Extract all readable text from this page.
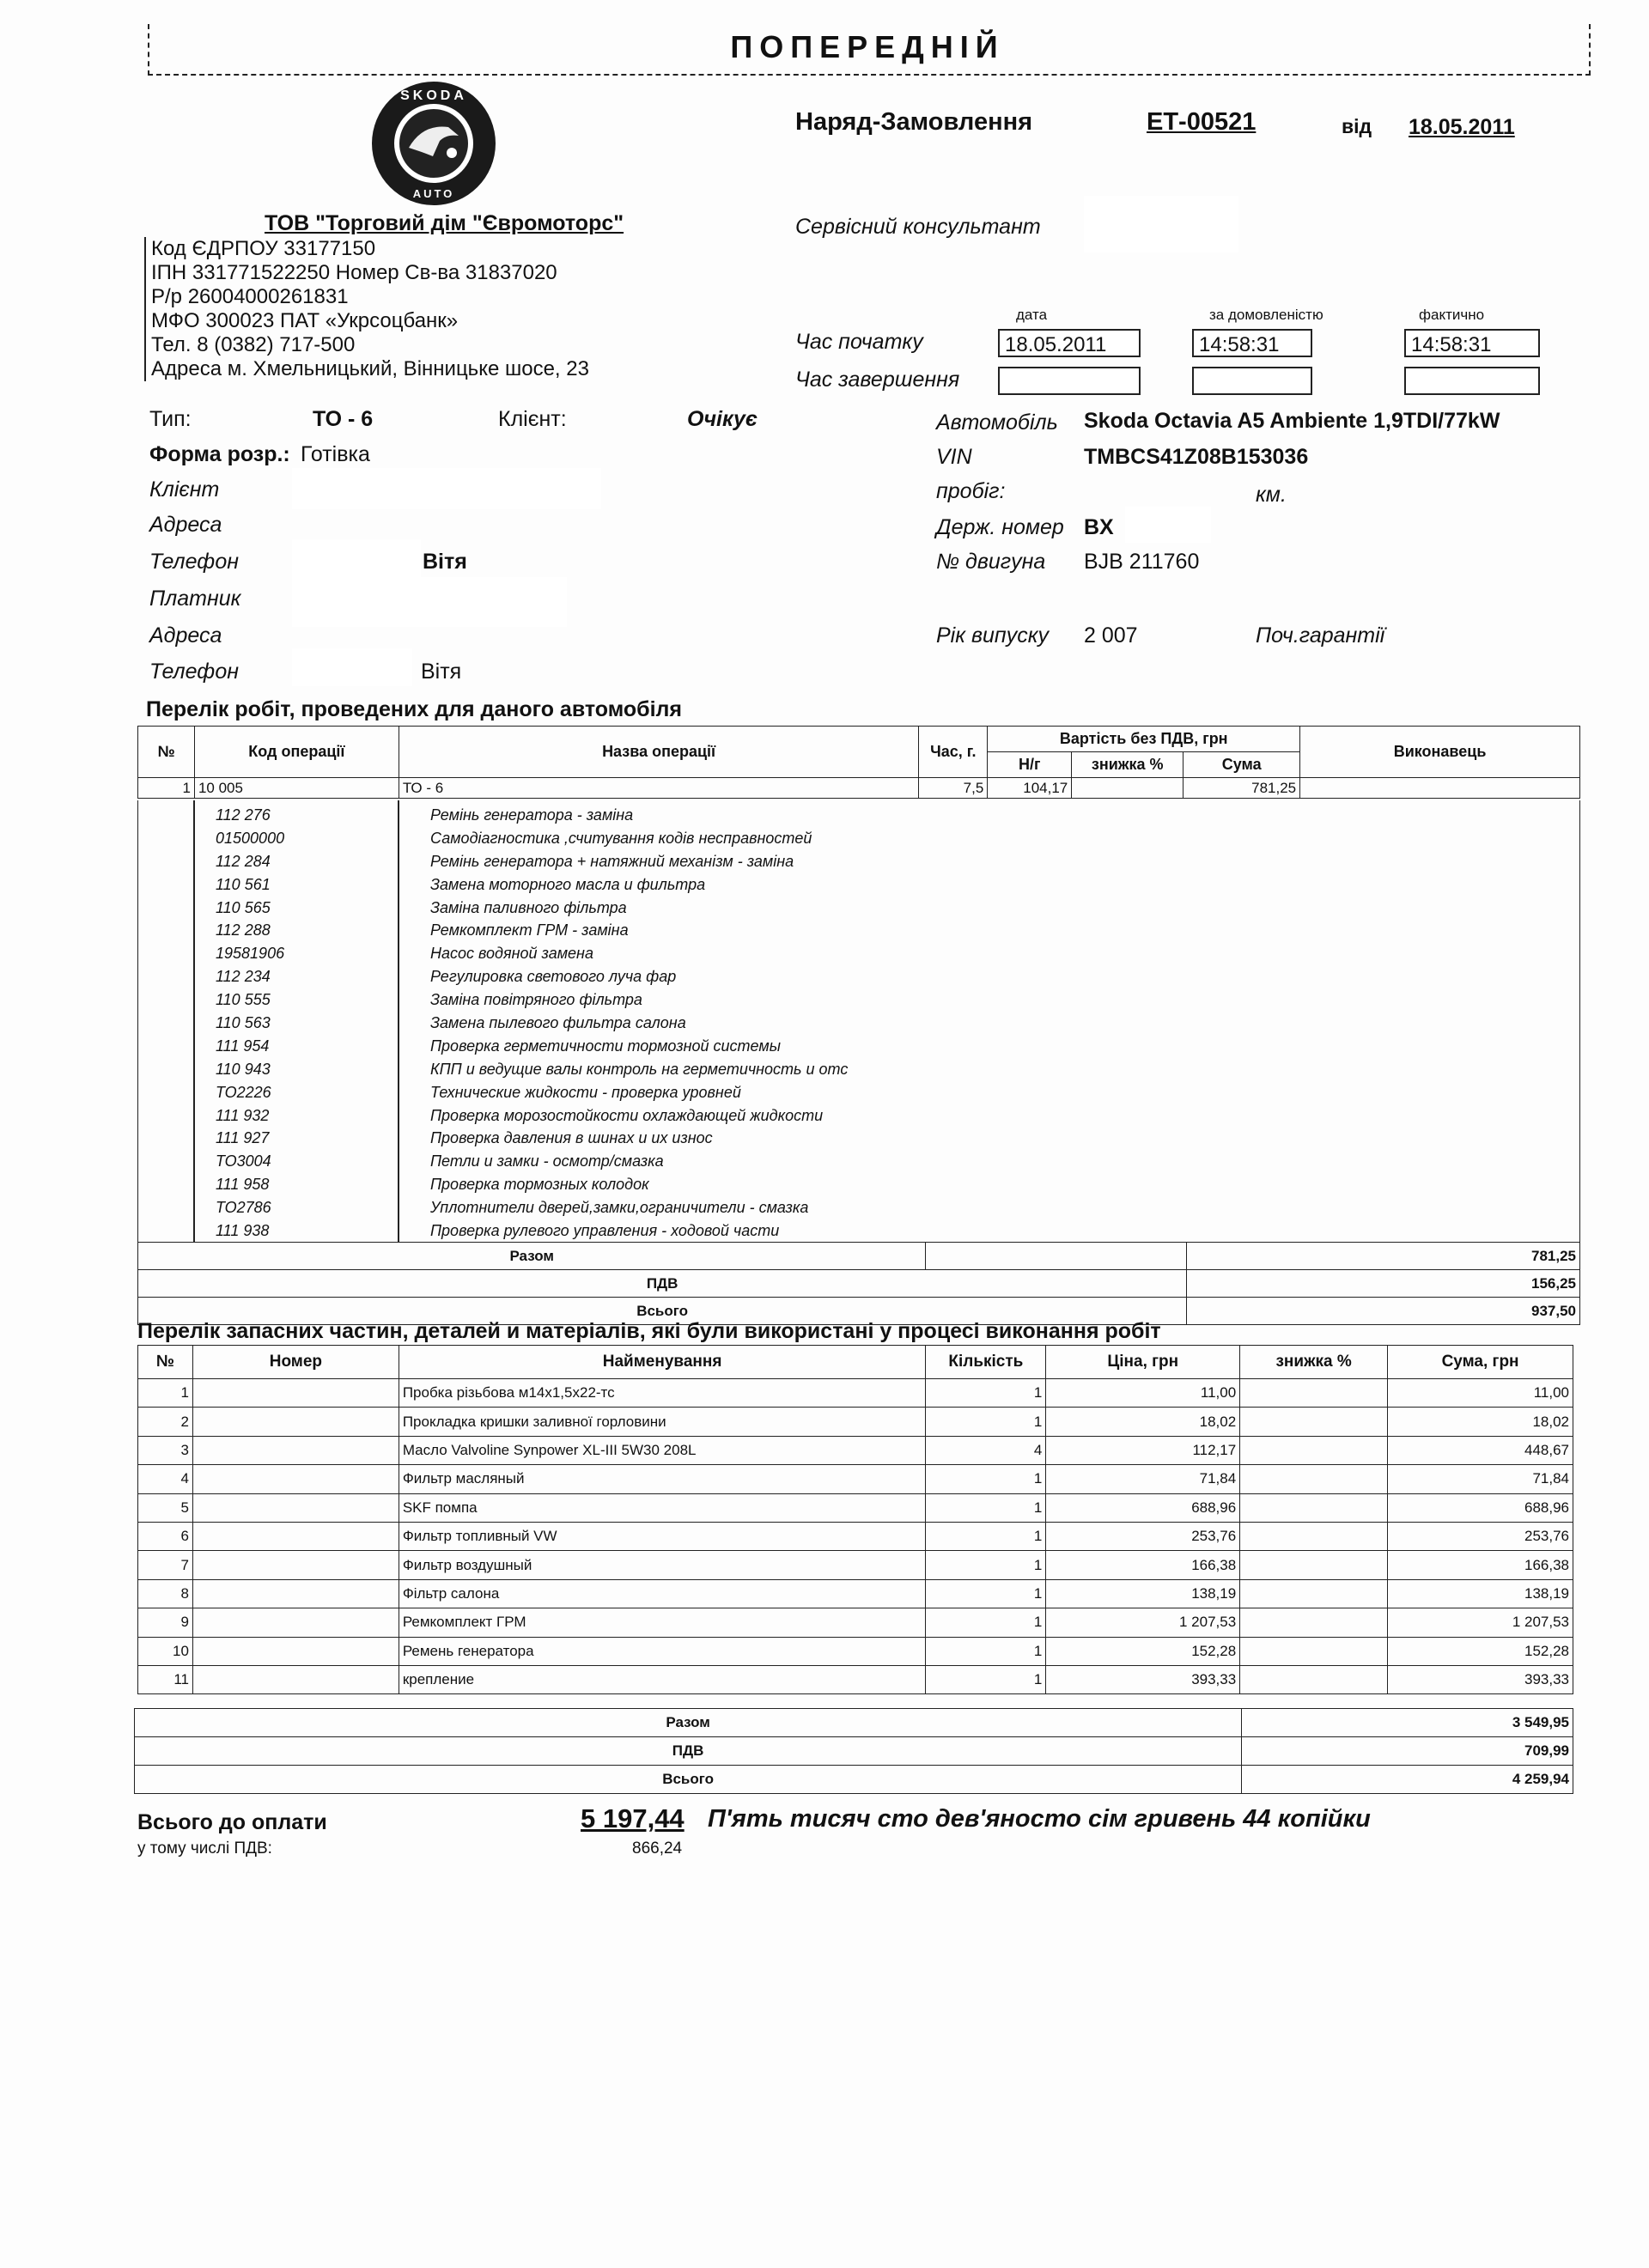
ПОПЕРЕДНІЙ
SKODA
AUTO
Наряд-Замовлення	ЕТ-00521	від 18.05.2011
ТОВ "Торговий дім "Євромоторс"
Код ЄДРПОУ 33177150
ІПН 331771522250 Номер Св-ва 31837020
Р/р 26004000261831
МФО 300023 ПАТ «Укрсоцбанк»
Тел. 8 (0382) 717-500
Адреса м. Хмельницький, Вінницьке шосе, 23
Сервісний консультант
дата	за домовленістю	фактично
Час початку	18.05.2011	14:58:31	14:58:31
Час завершення
Тип:	ТО - 6	Клієнт:	Очікує
Форма розр.: Готівка
Клієнт
Адреса
Телефон	Вітя
Платник
Адреса
Телефон	Вітя
Автомобіль Skoda Octavia A5 Ambiente 1,9TDI/77kW
VIN	TMBCS41Z08B153036
пробіг:	км.
Держ. номер BX
№ двигуна BJB 211760
Рік випуску 2 007	Поч.гарантії
Перелік робіт, проведених для даного автомобіля
№	Код операції	Назва операції	Час, г.	Вартість без ПДВ, грн			Виконавець
				Н/г	знижка %	Сума	
1	10 005	ТО - 6	7,5	104,17		781,25	
	112 276	Ремінь генератора - заміна
	01500000	Самодіагностика ,считування кодів несправностей
	112 284	Ремінь генератора + натяжний механізм - заміна
	110 561	Замена моторного масла и фильтра
	110 565	Заміна паливного фільтра
	112 288	Ремкомплект ГРМ - заміна
	19581906	Насос водяной замена
	112 234	Регулировка светового луча фар
	110 555	Заміна повітряного фільтра
	110 563	Замена пылевого фильтра салона
	111 954	Проверка герметичности тормозной системы
	110 943	КПП и ведущие валы контроль на герметичность и отс
	ТО2226	Технические жидкости - проверка уровней
	111 932	Проверка морозостойкости охлаждающей жидкости
	111 927	Проверка давления в шинах и их износ
	ТО3004	Петли и замки - осмотр/смазка
	111 958	Проверка тормозных колодок
	ТО2786	Уплотнители дверей,замки,ограничители - смазка
	111 938	Проверка рулевого управления - ходовой части
Разом		781,25
ПДВ		156,25
Всього		937,50
Перелік запасних частин, деталей и матеріалів, які були використані у процесі виконання робіт
№	Номер	Найменування	Кількість	Ціна, грн	знижка %	Сума, грн
1		Пробка різьбова м14х1,5х22-тс	1	11,00		11,00
2		Прокладка кришки заливної горловини	1	18,02		18,02
3		Масло Valvoline Synpower XL-III 5W30 208L	4	112,17		448,67
4		Фильтр масляный	1	71,84		71,84
5		SKF помпа	1	688,96		688,96
6		Фильтр топливный VW	1	253,76		253,76
7		Фильтр воздушный	1	166,38		166,38
8		Фільтр салона	1	138,19		138,19
9		Ремкомплект ГРМ	1	1 207,53		1 207,53
10		Ремень генератора	1	152,28		152,28
11		крепление	1	393,33		393,33
Разом	3 549,95
ПДВ	709,99
Всього	4 259,94
Всього до оплати
у тому числі ПДВ:
5 197,44 П'ять тисяч сто дев'яносто сім гривень 44 копійки
866,24
